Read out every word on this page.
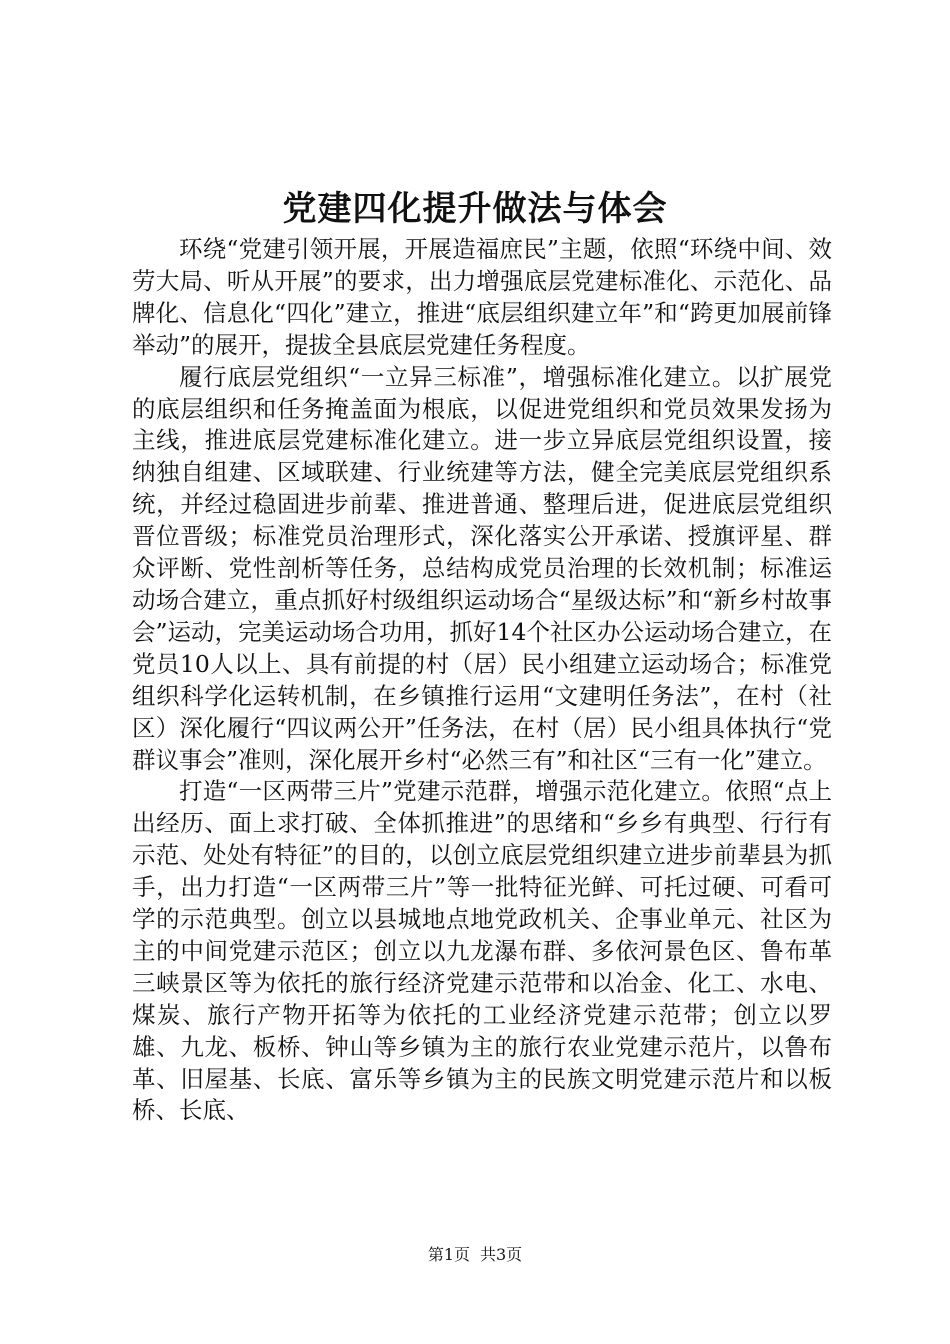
党建四化提升做法与体会

环绕“党建引领开展，开展造福庶民”主题，依照“环绕中间、效劳大局、听从开展”的要求，出力增强底层党建标准化、示范化、品牌化、信息化“四化”建立，推进“底层组织建立年”和“跨更加展前锋举动”的展开，提拔全县底层党建任务程度。

履行底层党组织“一立异三标准”，增强标准化建立。以扩展党的底层组织和任务掩盖面为根底，以促进党组织和党员效果发扬为主线，推进底层党建标准化建立。进一步立异底层党组织设置，接纳独自组建、区域联建、行业统建等方法，健全完美底层党组织系统，并经过稳固进步前辈、推进普通、整理后进，促进底层党组织晋位晋级；标准党员治理形式，深化落实公开承诺、授旗评星、群众评断、党性剖析等任务，总结构成党员治理的长效机制；标准运动场合建立，重点抓好村级组织运动场合“星级达标”和“新乡村故事会”运动，完美运动场合功用，抓好14个社区办公运动场合建立，在党员10人以上、具有前提的村（居）民小组建立运动场合；标准党组织科学化运转机制，在乡镇推行运用“文建明任务法”，在村（社区）深化履行“四议两公开”任务法，在村（居）民小组具体执行“党群议事会”准则，深化展开乡村“必然三有”和社区“三有一化”建立。

打造“一区两带三片”党建示范群，增强示范化建立。依照“点上出经历、面上求打破、全体抓推进”的思绪和“乡乡有典型、行行有示范、处处有特征”的目的，以创立底层党组织建立进步前辈县为抓手，出力打造“一区两带三片”等一批特征光鲜、可托过硬、可看可学的示范典型。创立以县城地点地党政机关、企事业单元、社区为主的中间党建示范区；创立以九龙瀑布群、多依河景色区、鲁布革三峡景区等为依托的旅行经济党建示范带和以冶金、化工、水电、煤炭、旅行产物开拓等为依托的工业经济党建示范带；创立以罗雄、九龙、板桥、钟山等乡镇为主的旅行农业党建示范片，以鲁布革、旧屋基、长底、富乐等乡镇为主的民族文明党建示范片和以板桥、长底、

第1页 共3页
